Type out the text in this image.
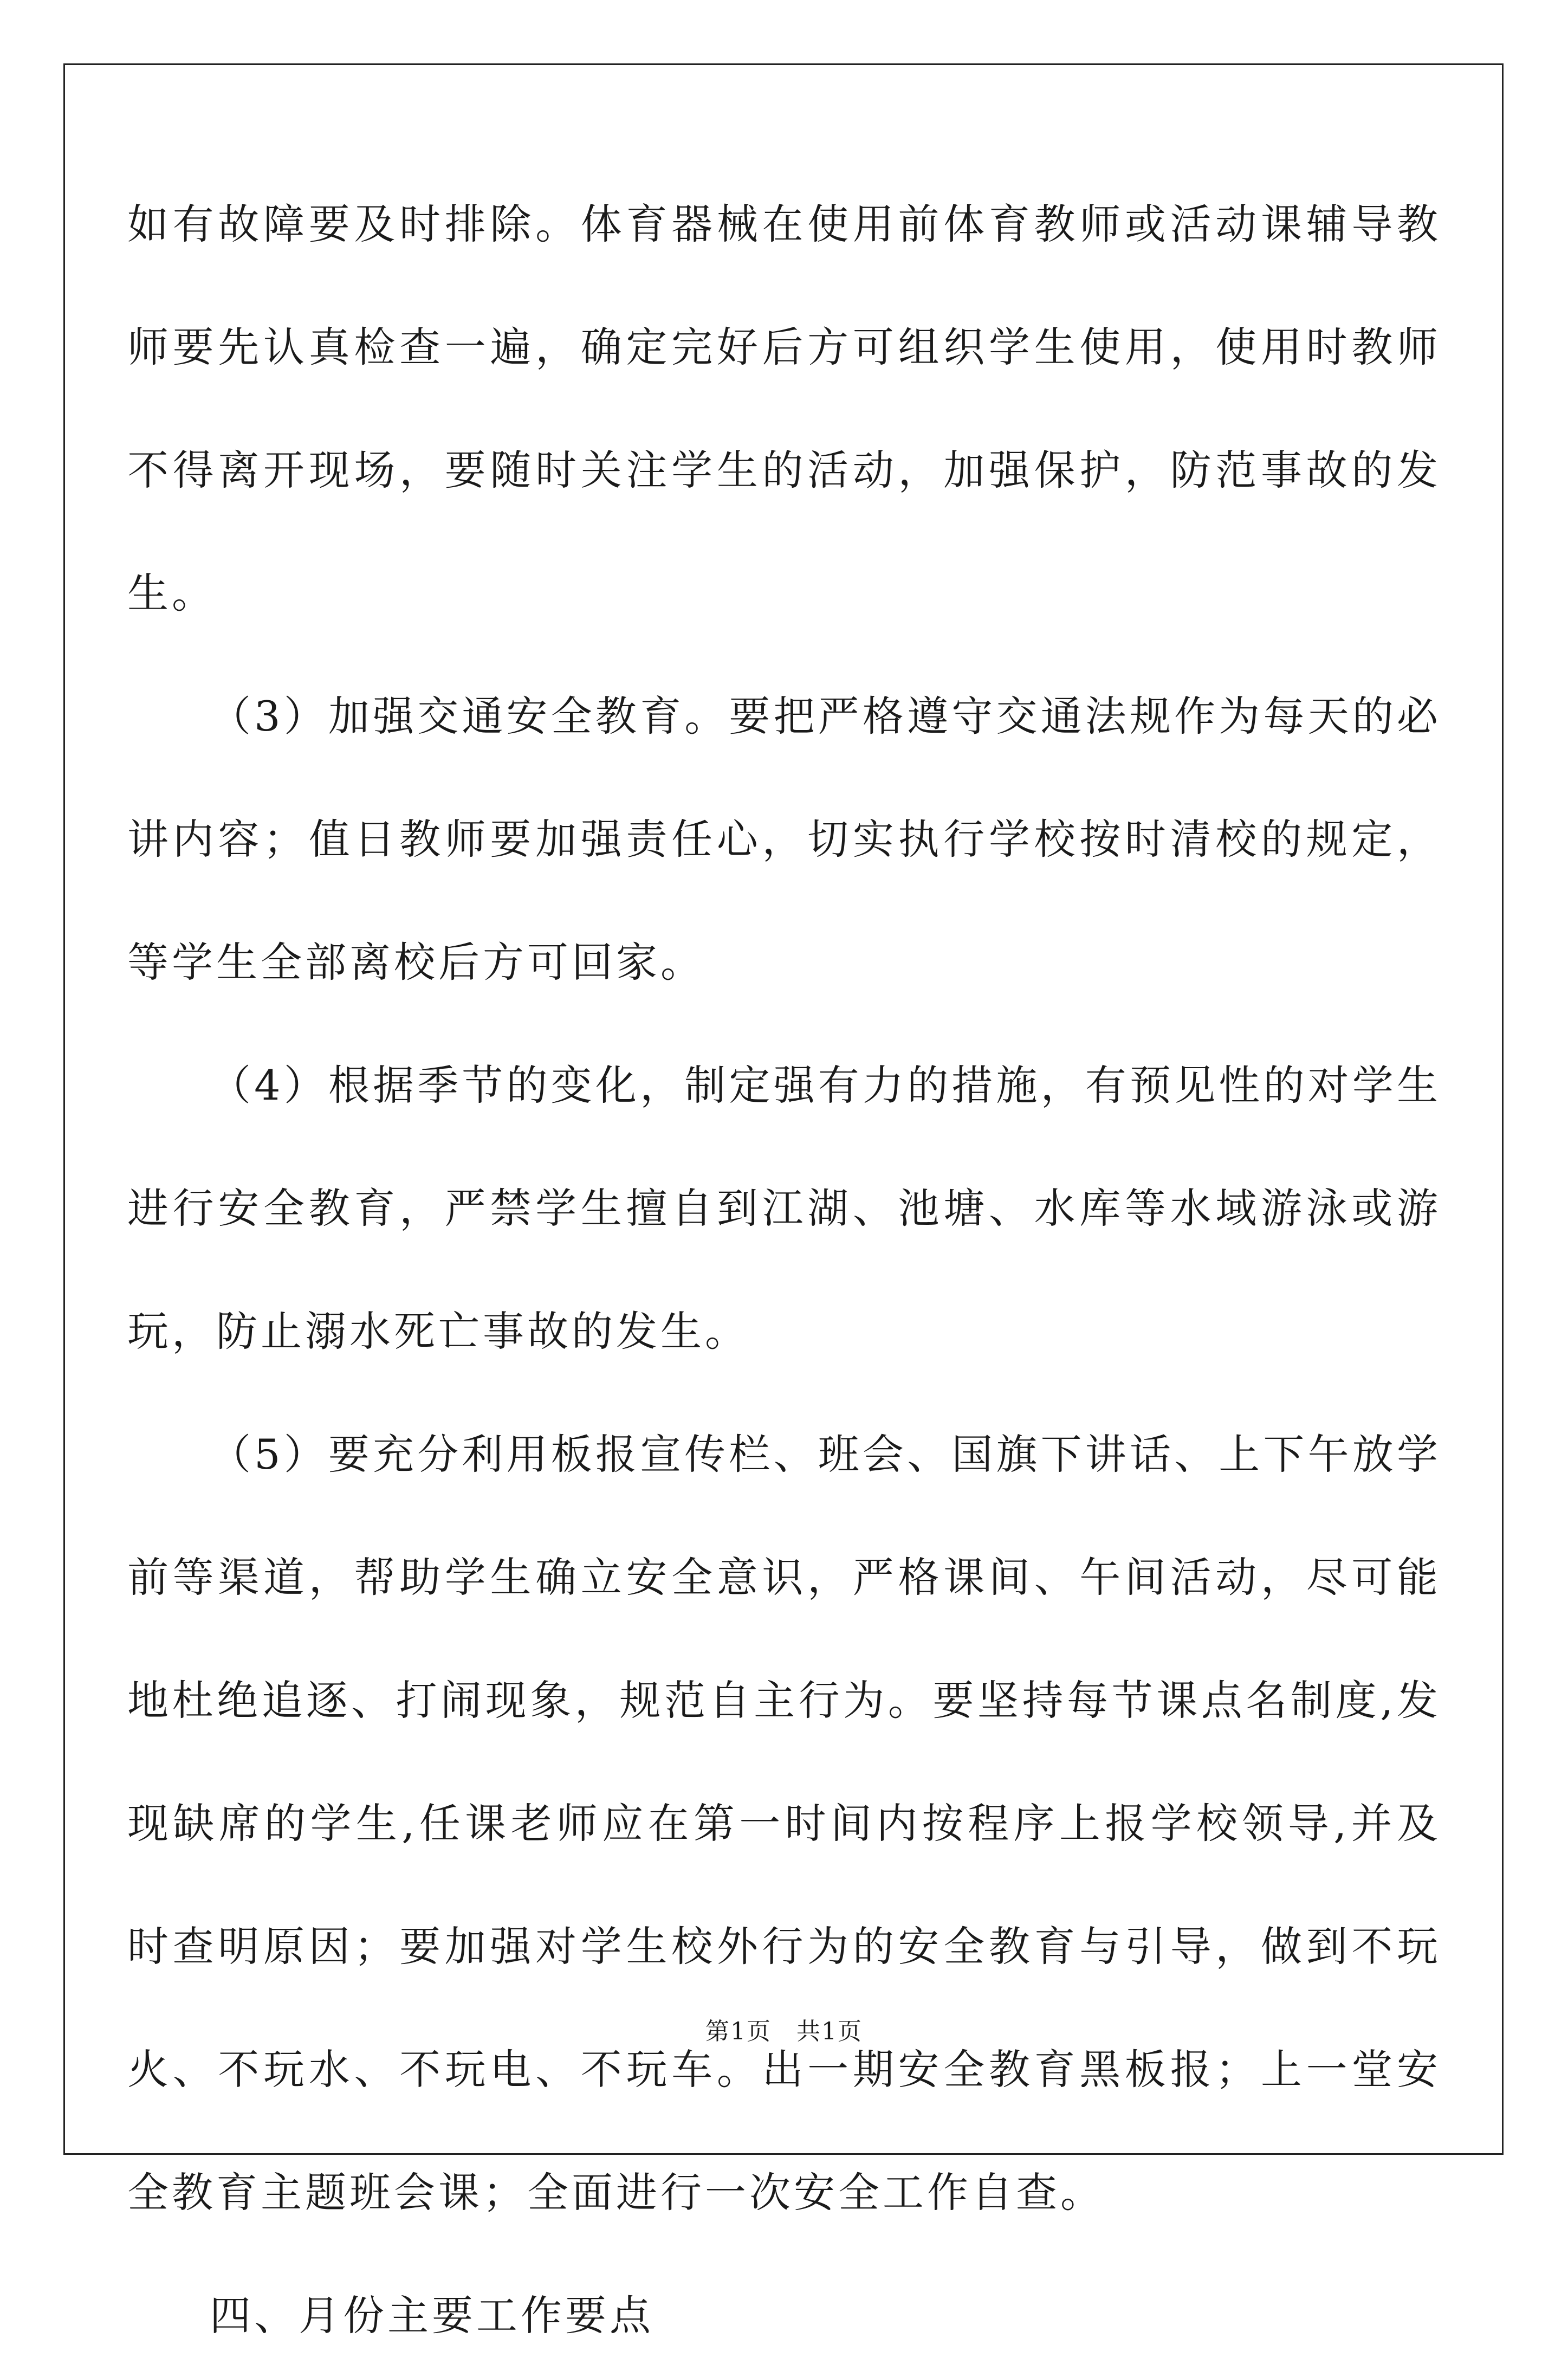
如有故障要及时排除。体育器械在使用前体育教师或活动课辅导教师要先认真检查一遍，确定完好后方可组织学生使用，使用时教师不得离开现场，要随时关注学生的活动，加强保护，防范事故的发生。

（3）加强交通安全教育。要把严格遵守交通法规作为每天的必讲内容；值日教师要加强责任心，切实执行学校按时清校的规定，等学生全部离校后方可回家。

（4）根据季节的变化，制定强有力的措施，有预见性的对学生进行安全教育，严禁学生擅自到江湖、池塘、水库等水域游泳或游玩，防止溺水死亡事故的发生。

（5）要充分利用板报宣传栏、班会、国旗下讲话、上下午放学前等渠道，帮助学生确立安全意识，严格课间、午间活动，尽可能地杜绝追逐、打闹现象，规范自主行为。要坚持每节课点名制度,发现缺席的学生,任课老师应在第一时间内按程序上报学校领导,并及时查明原因；要加强对学生校外行为的安全教育与引导，做到不玩火、不玩水、不玩电、不玩车。出一期安全教育黑板报；上一堂安全教育主题班会课；全面进行一次安全工作自查。

四、月份主要工作要点

第1页　共1页
